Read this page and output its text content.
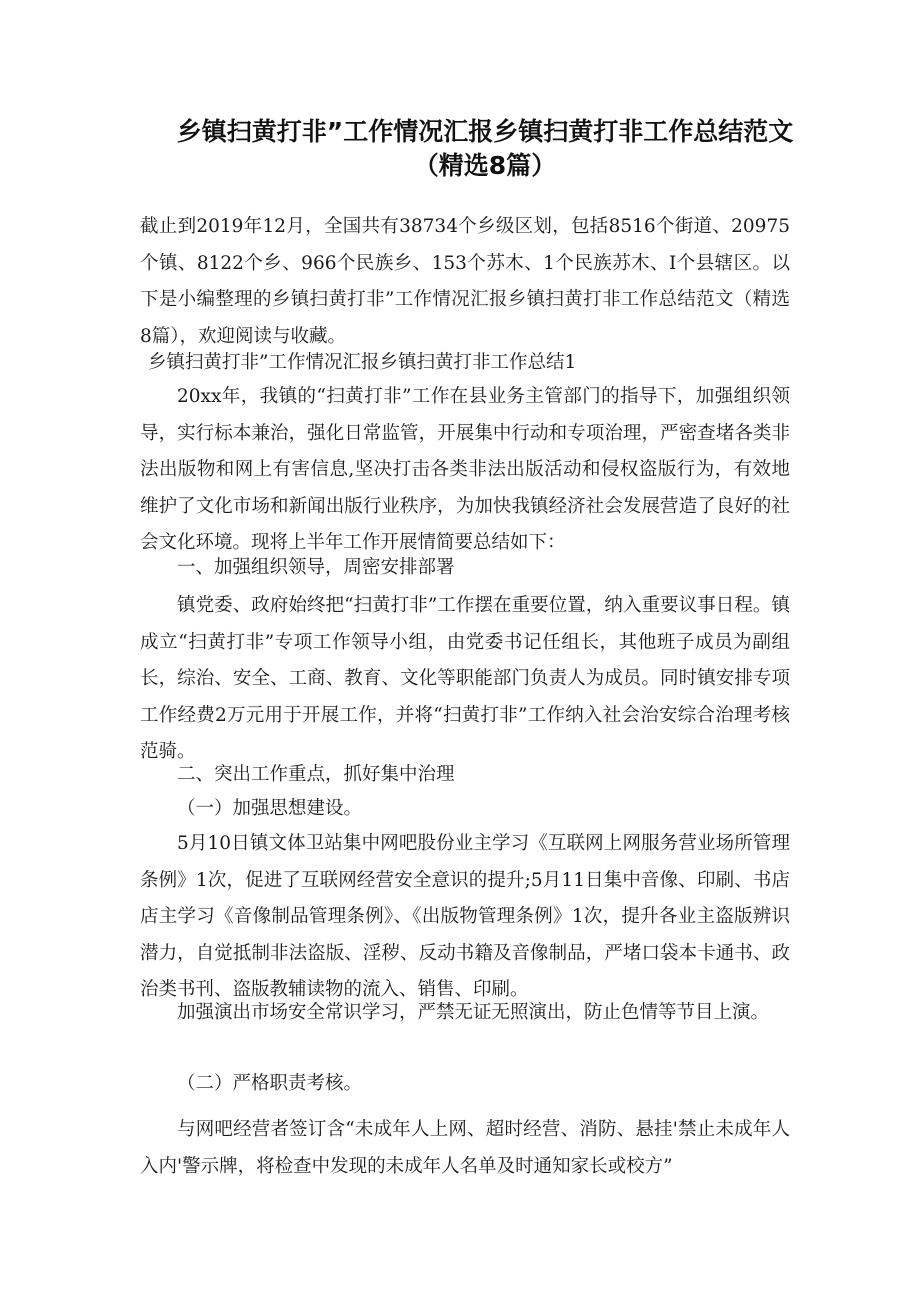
乡镇扫黄打非”工作情况汇报乡镇扫黄打非工作总结范文
（精选8篇）

截止到2019年12月，全国共有38734个乡级区划，包括8516个街道、20975个镇、8122个乡、966个民族乡、153个苏木、1个民族苏木、I个县辖区。以下是小编整理的乡镇扫黄打非”工作情况汇报乡镇扫黄打非工作总结范文（精选8篇），欢迎阅读与收藏。

乡镇扫黄打非”工作情况汇报乡镇扫黄打非工作总结1

20xx年，我镇的“扫黄打非”工作在县业务主管部门的指导下，加强组织领导，实行标本兼治，强化日常监管，开展集中行动和专项治理，严密查堵各类非法出版物和网上有害信息,坚决打击各类非法出版活动和侵权盗版行为，有效地维护了文化市场和新闻出版行业秩序，为加快我镇经济社会发展营造了良好的社会文化环境。现将上半年工作开展情简要总结如下：

一、加强组织领导，周密安排部署

镇党委、政府始终把“扫黄打非”工作摆在重要位置，纳入重要议事日程。镇成立“扫黄打非”专项工作领导小组，由党委书记任组长，其他班子成员为副组长，综治、安全、工商、教育、文化等职能部门负责人为成员。同时镇安排专项工作经费2万元用于开展工作，并将“扫黄打非”工作纳入社会治安综合治理考核范骑。

二、突出工作重点，抓好集中治理

（一）加强思想建设。

5月10日镇文体卫站集中网吧股份业主学习《互联网上网服务营业场所管理条例》1次，促进了互联网经营安全意识的提升;5月11日集中音像、印刷、书店店主学习《音像制品管理条例》、《出版物管理条例》1次，提升各业主盗版辨识潜力，自觉抵制非法盗版、淫秽、反动书籍及音像制品，严堵口袋本卡通书、政治类书刊、盗版教辅读物的流入、销售、印刷。

加强演出市场安全常识学习，严禁无证无照演出，防止色情等节目上演。

（二）严格职责考核。

与网吧经营者签订含“未成年人上网、超时经营、消防、悬挂'禁止未成年人入内'警示牌，将检查中发现的未成年人名单及时通知家长或校方”
